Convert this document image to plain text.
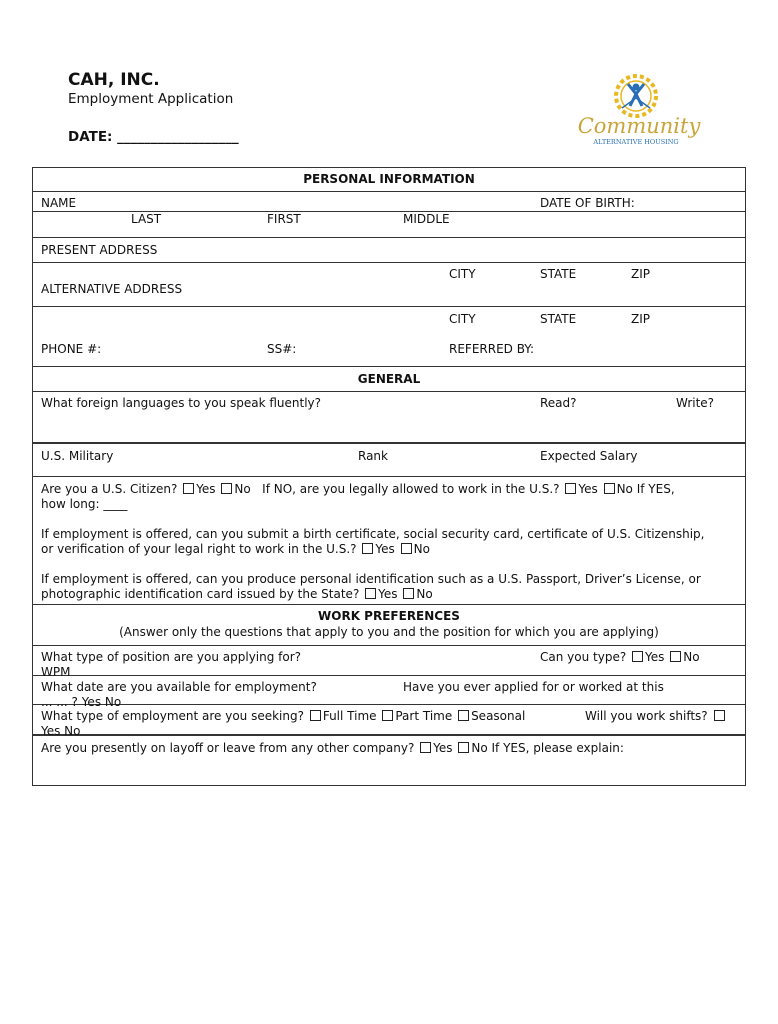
CAH, INC.
Employment Application
DATE: __________________	Community
ALTERNATIVE HOUSING
PERSONAL INFORMATION
NAME	DATE OF BIRTH:
LAST	FIRST	MIDDLE
PRESENT ADDRESS
CITY	STATE	ZIP
ALTERNATIVE ADDRESS
CITY	STATE	ZIP
PHONE #:	SS#:	REFERRED BY:
GENERAL
What foreign languages to you speak fluently?	Read?	Write?
U.S. Military	Rank	Expected Salary
Are you a U.S. Citizen? Yes No If NO, are you legally allowed to work in the U.S.? Yes No If YES,
how long: ____
If employment is offered, can you submit a birth certificate, social security card, certificate of U.S. Citizenship,
or verification of your legal right to work in the U.S.? Yes No
If employment is offered, can you produce personal identification such as a U.S. Passport, Driver’s License, or
photographic identification card issued by the State? Yes No
WORK PREFERENCES
(Answer only the questions that apply to you and the position for which you are applying)
What type of position are you applying for?	Can you type? Yes No
WPM
What date are you available for employment?	Have you ever applied for or worked at this
... ... ? Yes No
What type of employment are you seeking? Full Time Part Time Seasonal	Will you work shifts?
Yes No
Are you presently on layoff or leave from any other company? Yes No If YES, please explain:
